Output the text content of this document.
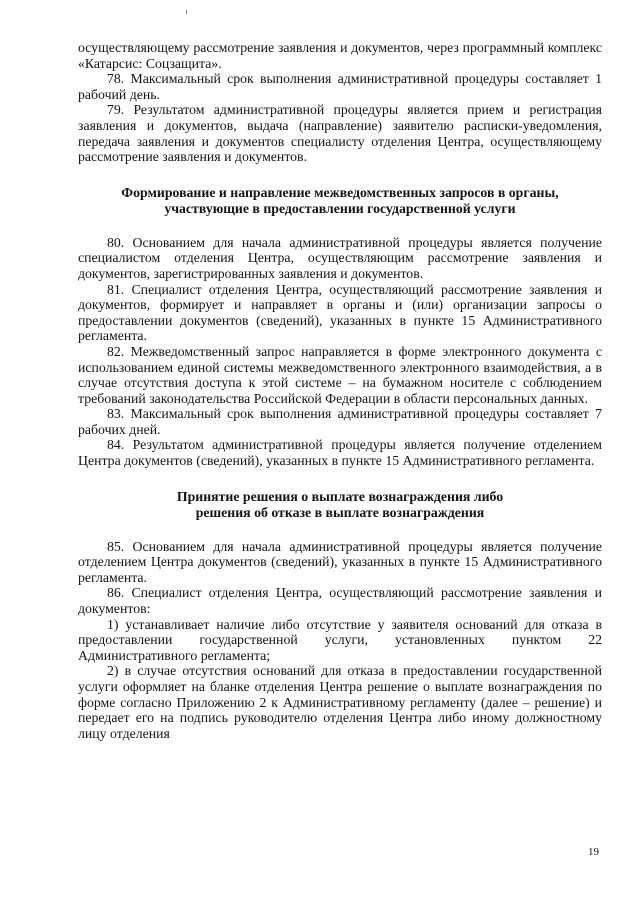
осуществляющему рассмотрение заявления и документов, через программный комплекс «Катарсис: Соцзащита».

78. Максимальный срок выполнения административной процедуры составляет 1 рабочий день.

79. Результатом административной процедуры является прием и регистрация заявления и документов, выдача (направление) заявителю расписки-уведомления, передача заявления и документов специалисту отделения Центра, осуществляющему рассмотрение заявления и документов.

Формирование и направление межведомственных запросов в органы, участвующие в предоставлении государственной услуги

80. Основанием для начала административной процедуры является получение специалистом отделения Центра, осуществляющим рассмотрение заявления и документов, зарегистрированных заявления и документов.

81. Специалист отделения Центра, осуществляющий рассмотрение заявления и документов, формирует и направляет в органы и (или) организации запросы о предоставлении документов (сведений), указанных в пункте 15 Административного регламента.

82. Межведомственный запрос направляется в форме электронного документа с использованием единой системы межведомственного электронного взаимодействия, а в случае отсутствия доступа к этой системе – на бумажном носителе с соблюдением требований законодательства Российской Федерации в области персональных данных.

83. Максимальный срок выполнения административной процедуры составляет 7 рабочих дней.

84. Результатом административной процедуры является получение отделением Центра документов (сведений), указанных в пункте 15 Административного регламента.

Принятие решения о выплате вознаграждения либо
решения об отказе в выплате вознаграждения

85. Основанием для начала административной процедуры является получение отделением Центра документов (сведений), указанных в пункте 15 Административного регламента.

86. Специалист отделения Центра, осуществляющий рассмотрение заявления и документов:

1) устанавливает наличие либо отсутствие у заявителя оснований для отказа в предоставлении государственной услуги, установленных пунктом 22 Административного регламента;

2) в случае отсутствия оснований для отказа в предоставлении государственной услуги оформляет на бланке отделения Центра решение о выплате вознаграждения по форме согласно Приложению 2 к Административному регламенту (далее – решение) и передает его на подпись руководителю отделения Центра либо иному должностному лицу отделения

19
